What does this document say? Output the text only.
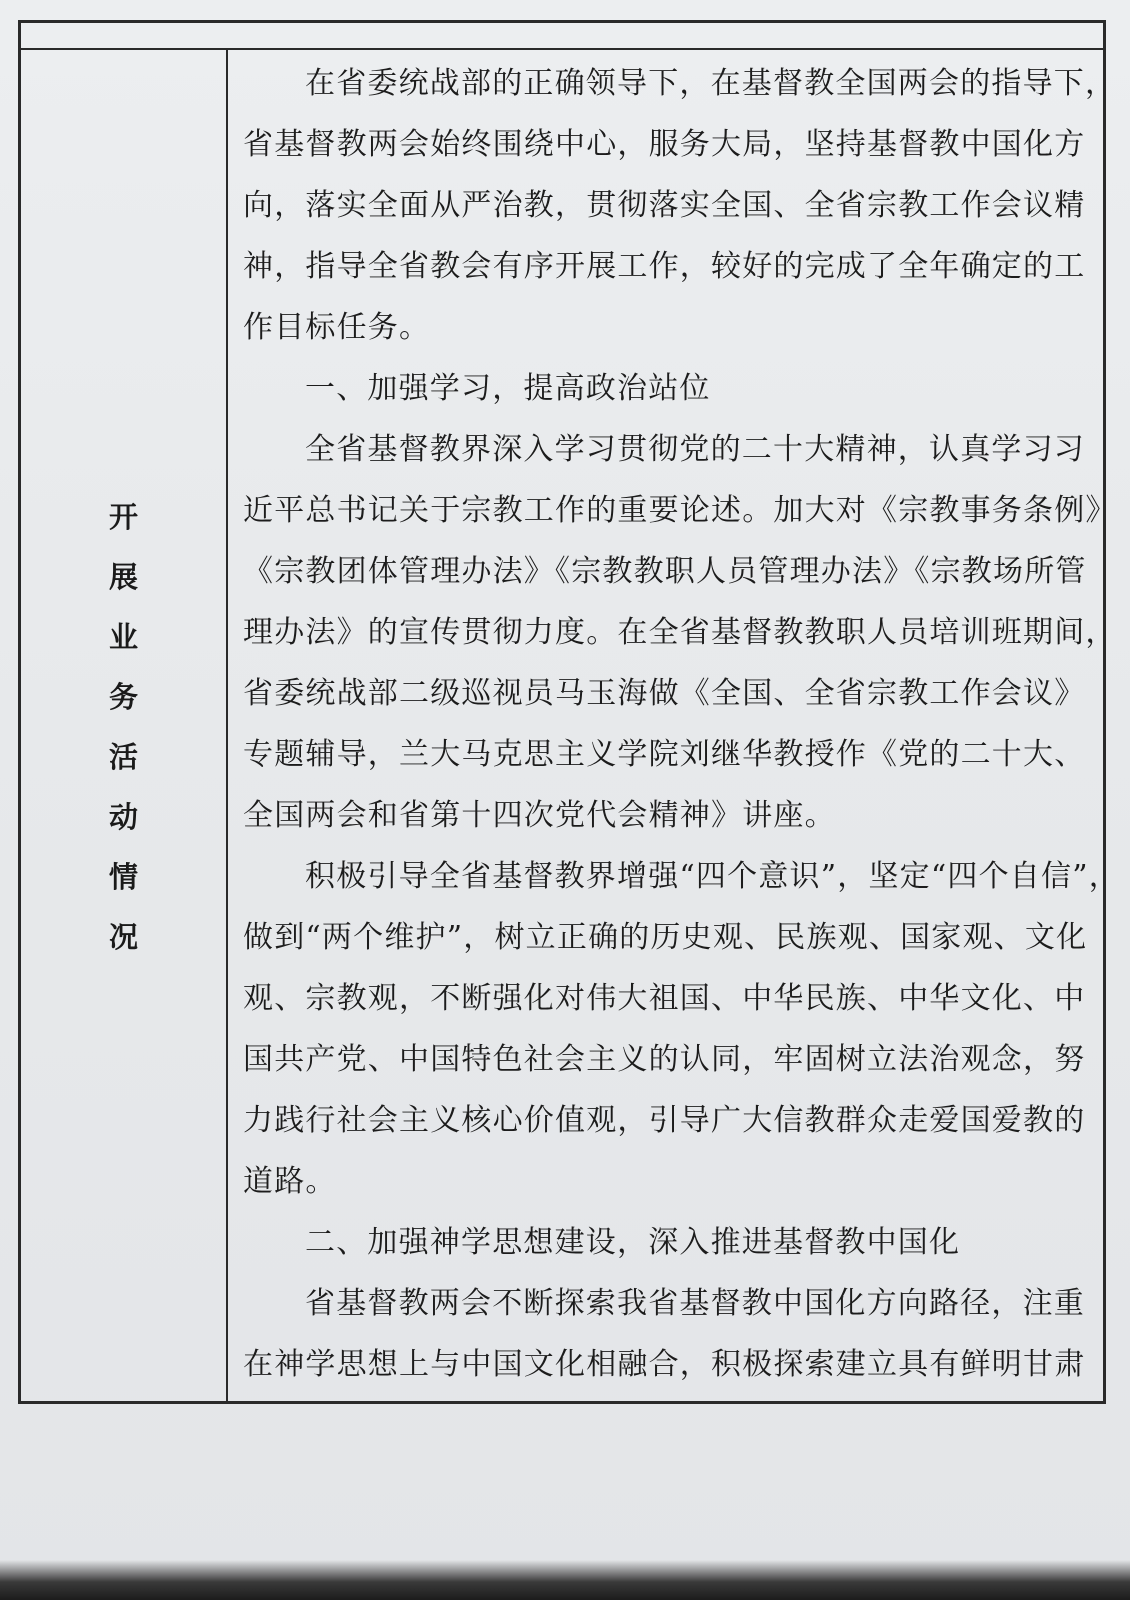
开
展
业
务
活
动
情
况
在省委统战部的正确领导下，在基督教全国两会的指导下，
省基督教两会始终围绕中心，服务大局，坚持基督教中国化方
向，落实全面从严治教，贯彻落实全国、全省宗教工作会议精
神，指导全省教会有序开展工作，较好的完成了全年确定的工
作目标任务。
一、加强学习，提高政治站位
全省基督教界深入学习贯彻党的二十大精神，认真学习习
近平总书记关于宗教工作的重要论述。加大对《宗教事务条例》
《宗教团体管理办法》《宗教教职人员管理办法》《宗教场所管
理办法》的宣传贯彻力度。在全省基督教教职人员培训班期间，
省委统战部二级巡视员马玉海做《全国、全省宗教工作会议》
专题辅导，兰大马克思主义学院刘继华教授作《党的二十大、
全国两会和省第十四次党代会精神》讲座。
积极引导全省基督教界增强“四个意识”，坚定“四个自信”，
做到“两个维护”，树立正确的历史观、民族观、国家观、文化
观、宗教观，不断强化对伟大祖国、中华民族、中华文化、中
国共产党、中国特色社会主义的认同，牢固树立法治观念，努
力践行社会主义核心价值观，引导广大信教群众走爱国爱教的
道路。
二、加强神学思想建设，深入推进基督教中国化
省基督教两会不断探索我省基督教中国化方向路径，注重
在神学思想上与中国文化相融合，积极探索建立具有鲜明甘肃
